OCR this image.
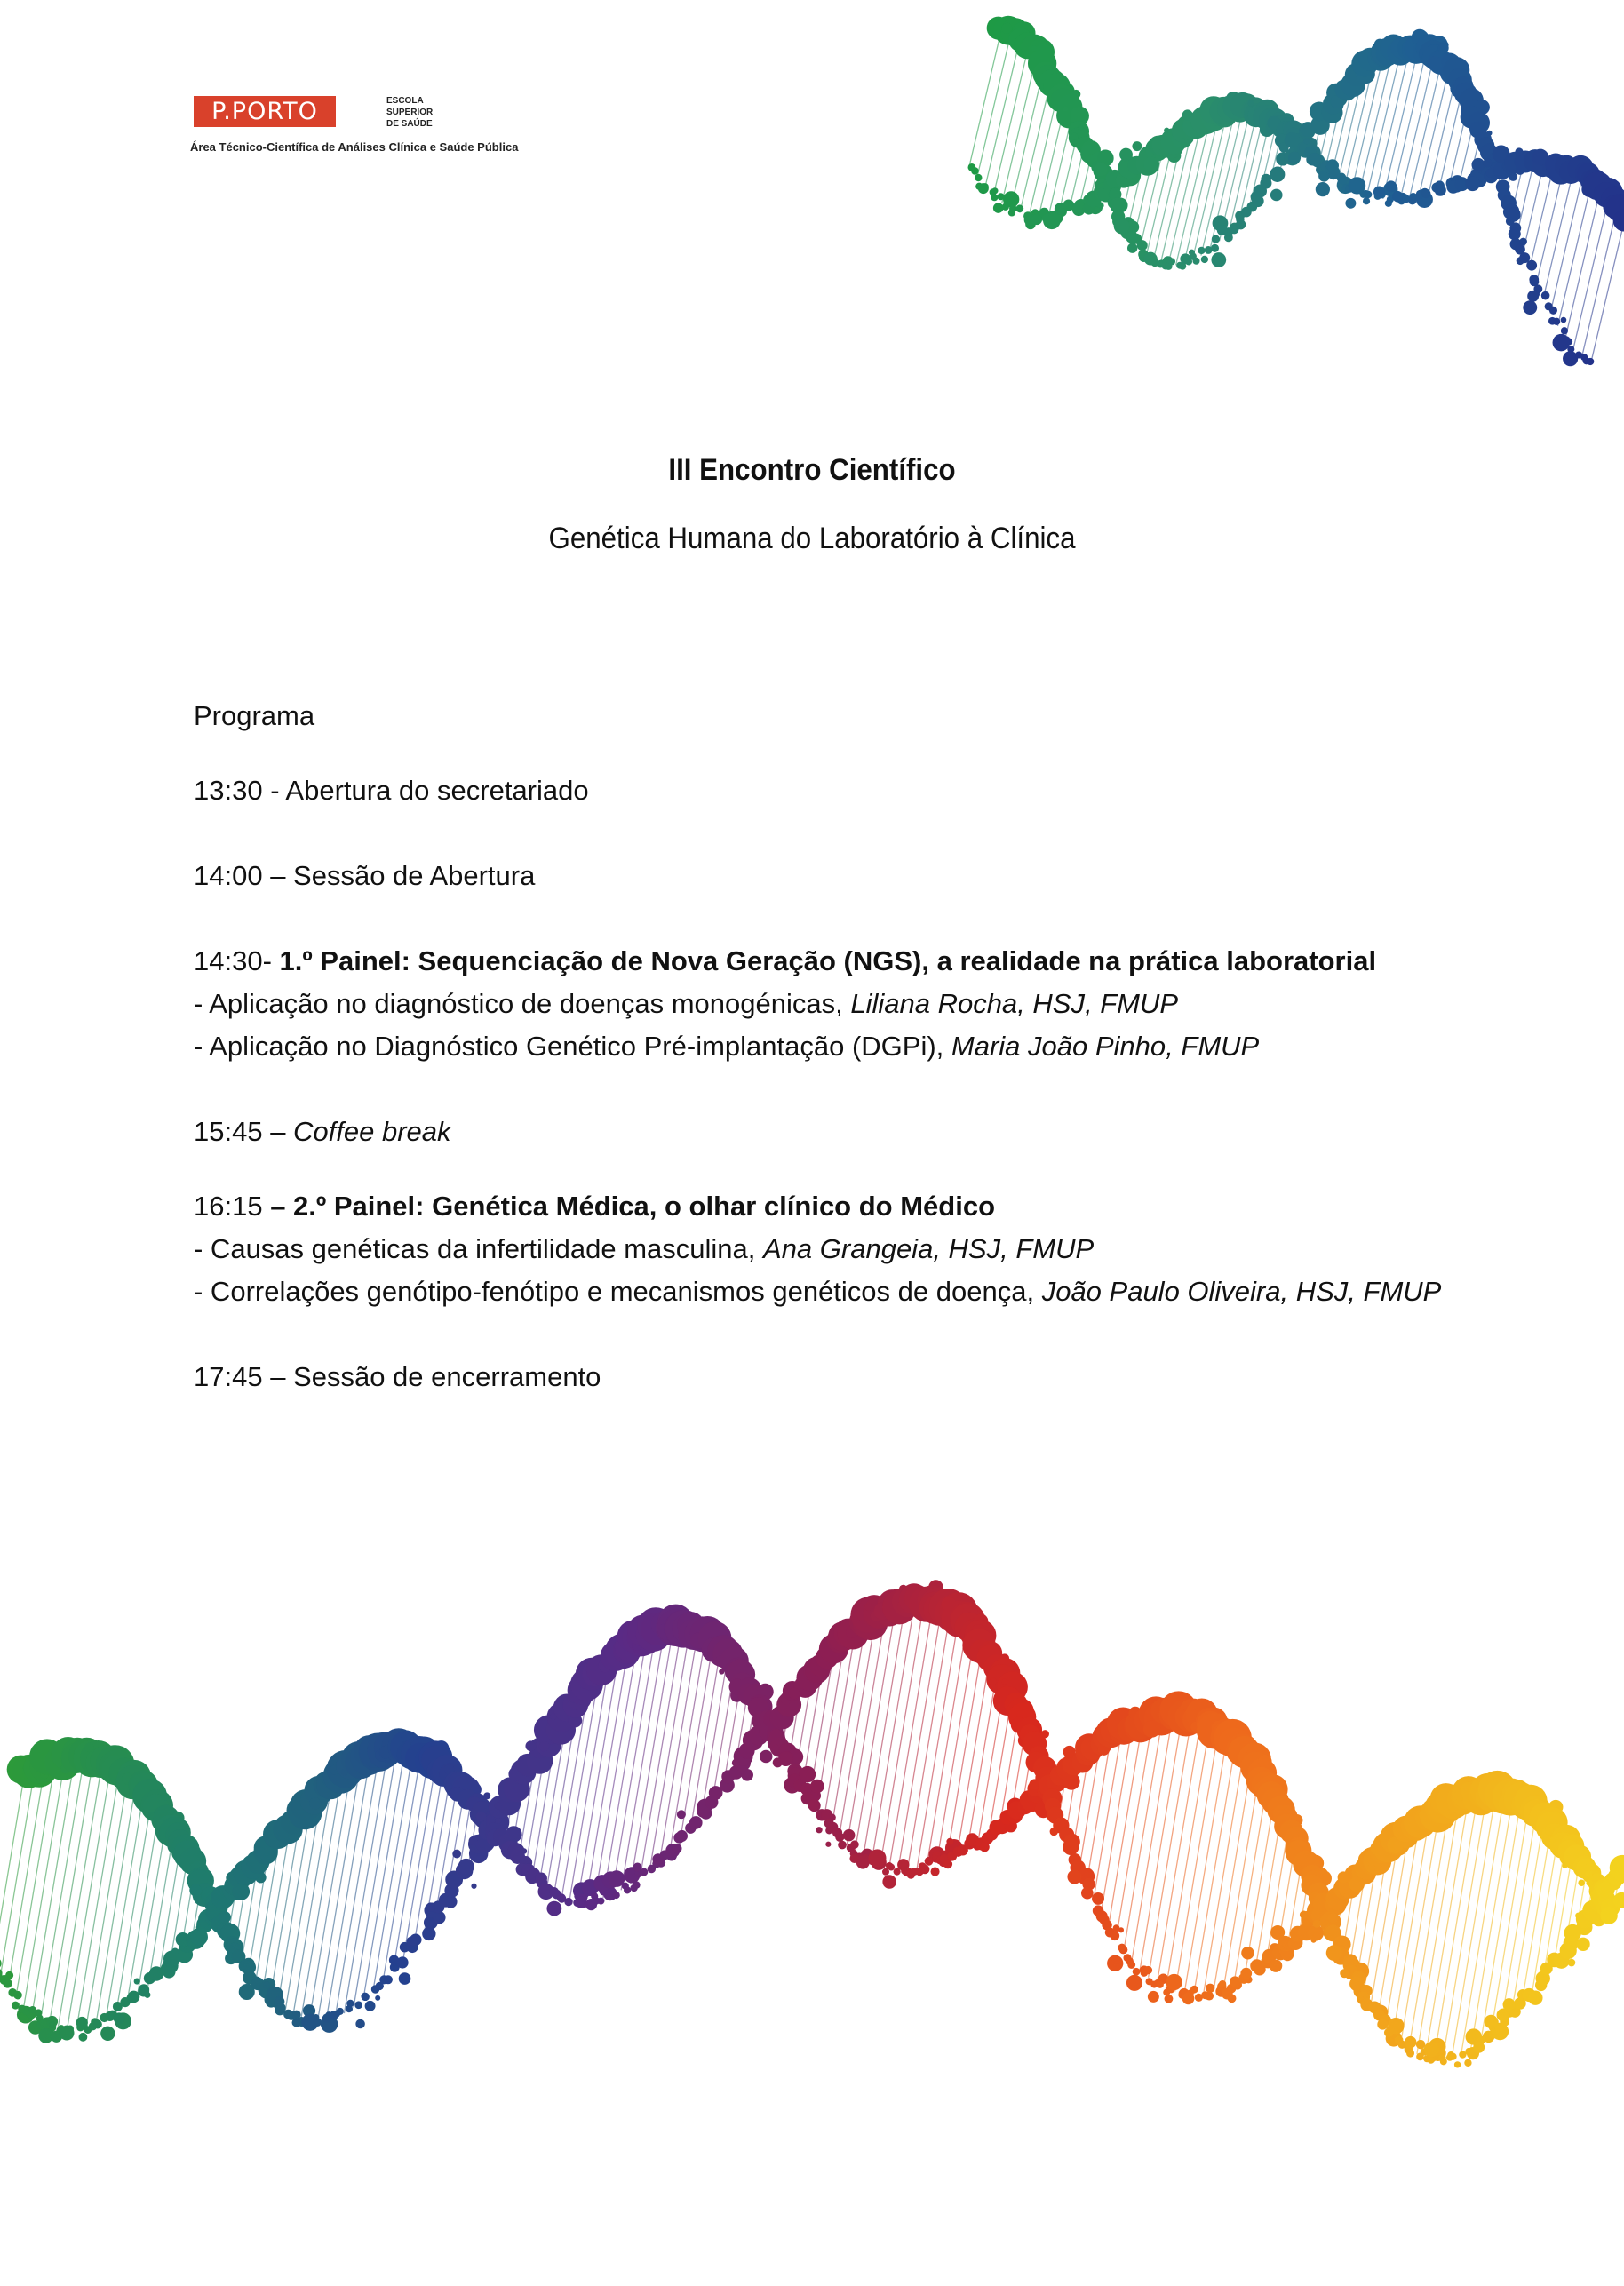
P.PORTO	ESCOLA
SUPERIOR
DE SAÚDE
Área Técnico-Científica de Análises Clínica e Saúde Pública
III Encontro Científico
Genética Humana do Laboratório à Clínica

Programa

13:30 - Abertura do secretariado

14:00 – Sessão de Abertura

14:30- 1.º Painel: Sequenciação de Nova Geração (NGS), a realidade na prática laboratorial

- Aplicação no diagnóstico de doenças monogénicas, Liliana Rocha, HSJ, FMUP

- Aplicação no Diagnóstico Genético Pré-implantação (DGPi), Maria João Pinho, FMUP

15:45 – Coffee break

16:15 – 2.º Painel: Genética Médica, o olhar clínico do Médico

- Causas genéticas da infertilidade masculina, Ana Grangeia, HSJ, FMUP

- Correlações genótipo-fenótipo e mecanismos genéticos de doença, João Paulo Oliveira, HSJ, FMUP

17:45 – Sessão de encerramento
